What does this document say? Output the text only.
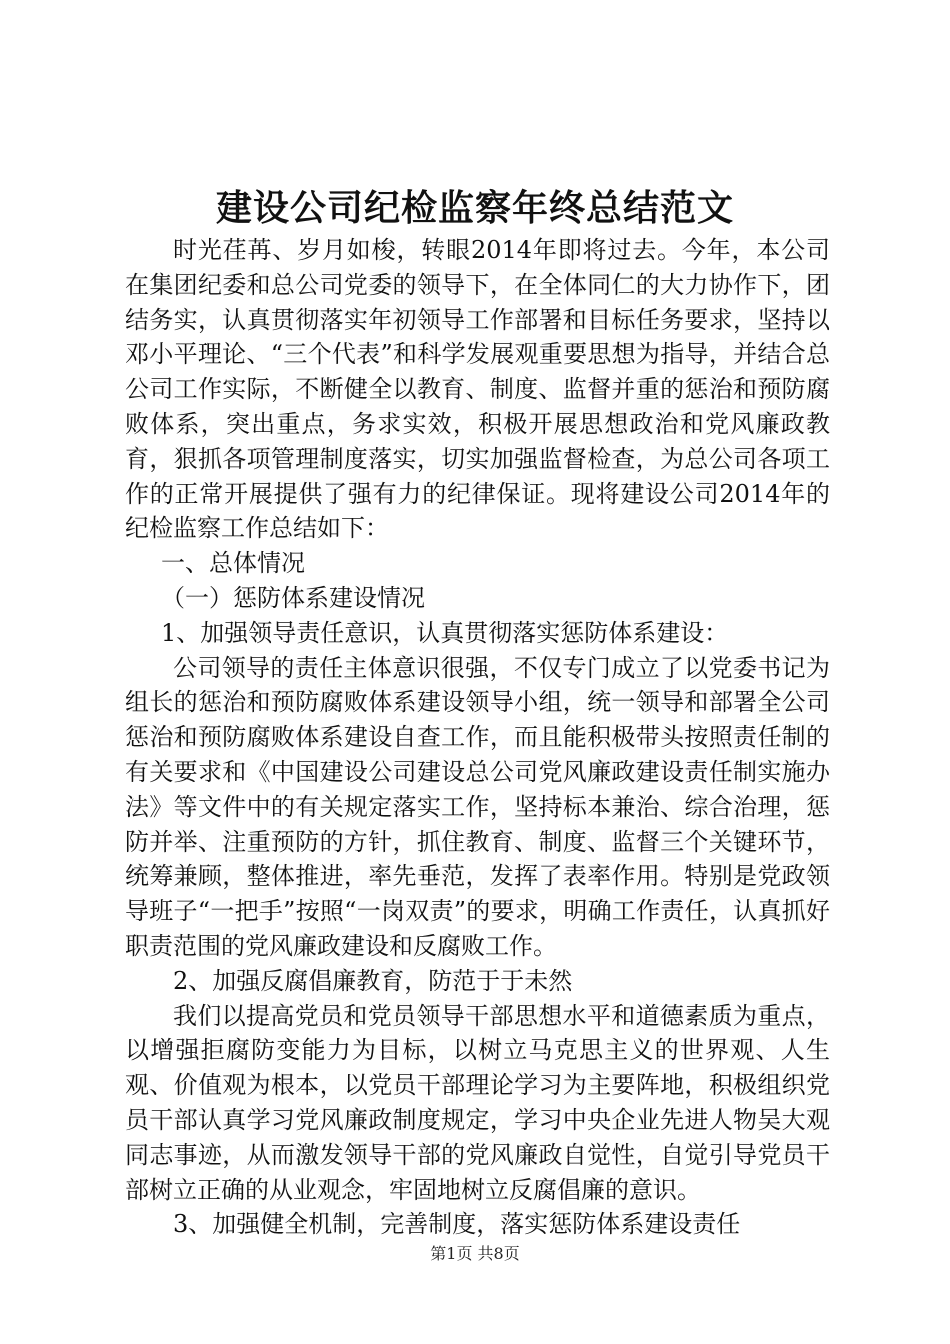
建设公司纪检监察年终总结范文

时光荏苒、岁月如梭，转眼2014年即将过去。今年，本公司在集团纪委和总公司党委的领导下，在全体同仁的大力协作下，团结务实，认真贯彻落实年初领导工作部署和目标任务要求，坚持以邓小平理论、“三个代表”和科学发展观重要思想为指导，并结合总公司工作实际，不断健全以教育、制度、监督并重的惩治和预防腐败体系，突出重点，务求实效，积极开展思想政治和党风廉政教育，狠抓各项管理制度落实，切实加强监督检查，为总公司各项工作的正常开展提供了强有力的纪律保证。现将建设公司2014年的纪检监察工作总结如下：

一、总体情况

（一）惩防体系建设情况

1、加强领导责任意识，认真贯彻落实惩防体系建设：

公司领导的责任主体意识很强，不仅专门成立了以党委书记为组长的惩治和预防腐败体系建设领导小组，统一领导和部署全公司惩治和预防腐败体系建设自查工作，而且能积极带头按照责任制的有关要求和《中国建设公司建设总公司党风廉政建设责任制实施办法》等文件中的有关规定落实工作，坚持标本兼治、综合治理，惩防并举、注重预防的方针，抓住教育、制度、监督三个关键环节，统筹兼顾，整体推进，率先垂范，发挥了表率作用。特别是党政领导班子“一把手”按照“一岗双责”的要求，明确工作责任，认真抓好职责范围的党风廉政建设和反腐败工作。

2、加强反腐倡廉教育，防范于于未然

我们以提高党员和党员领导干部思想水平和道德素质为重点，以增强拒腐防变能力为目标，以树立马克思主义的世界观、人生观、价值观为根本，以党员干部理论学习为主要阵地，积极组织党员干部认真学习党风廉政制度规定，学习中央企业先进人物吴大观同志事迹，从而激发领导干部的党风廉政自觉性，自觉引导党员干部树立正确的从业观念，牢固地树立反腐倡廉的意识。

3、加强健全机制，完善制度，落实惩防体系建设责任

第1页 共8页
